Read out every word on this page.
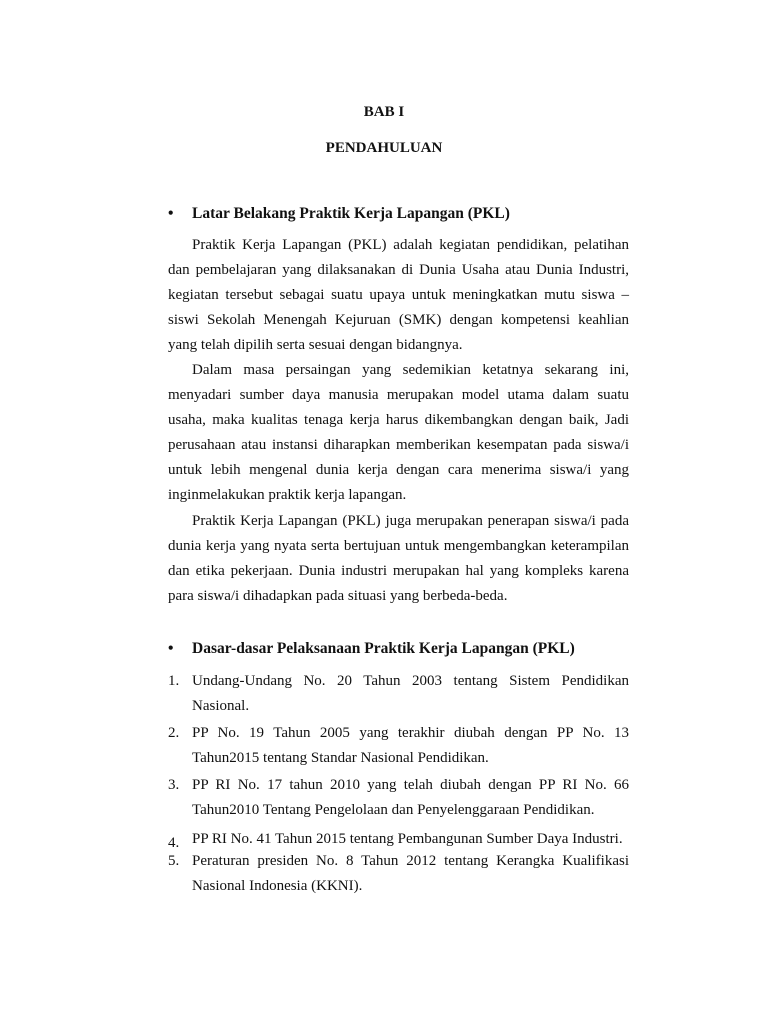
BAB I
PENDAHULUAN
• Latar Belakang Praktik Kerja Lapangan (PKL)

Praktik Kerja Lapangan (PKL) adalah kegiatan pendidikan, pelatihan dan pembelajaran yang dilaksanakan di Dunia Usaha atau Dunia Industri, kegiatan tersebut sebagai suatu upaya untuk meningkatkan mutu siswa – siswi Sekolah Menengah Kejuruan (SMK) dengan kompetensi keahlian yang telah dipilih serta sesuai dengan bidangnya.

Dalam masa persaingan yang sedemikian ketatnya sekarang ini, menyadari sumber daya manusia merupakan model utama dalam suatu usaha, maka kualitas tenaga kerja harus dikembangkan dengan baik, Jadi perusahaan atau instansi diharapkan memberikan kesempatan pada siswa/i untuk lebih mengenal dunia kerja dengan cara menerima siswa/i yang inginmelakukan praktik kerja lapangan.

Praktik Kerja Lapangan (PKL) juga merupakan penerapan siswa/i pada dunia kerja yang nyata serta bertujuan untuk mengembangkan keterampilan dan etika pekerjaan. Dunia industri merupakan hal yang kompleks karena para siswa/i dihadapkan pada situasi yang berbeda-beda.

• Dasar-dasar Pelaksanaan Praktik Kerja Lapangan (PKL)
1. Undang-Undang No. 20 Tahun 2003 tentang Sistem Pendidikan Nasional.
2. PP No. 19 Tahun 2005 yang terakhir diubah dengan PP No. 13 Tahun2015 tentang Standar Nasional Pendidikan.
3. PP RI No. 17 tahun 2010 yang telah diubah dengan PP RI No. 66 Tahun2010 Tentang Pengelolaan dan Penyelenggaraan Pendidikan.
4. PP RI No. 41 Tahun 2015 tentang Pembangunan Sumber Daya Industri.
5. Peraturan presiden No. 8 Tahun 2012 tentang Kerangka Kualifikasi Nasional Indonesia (KKNI).
